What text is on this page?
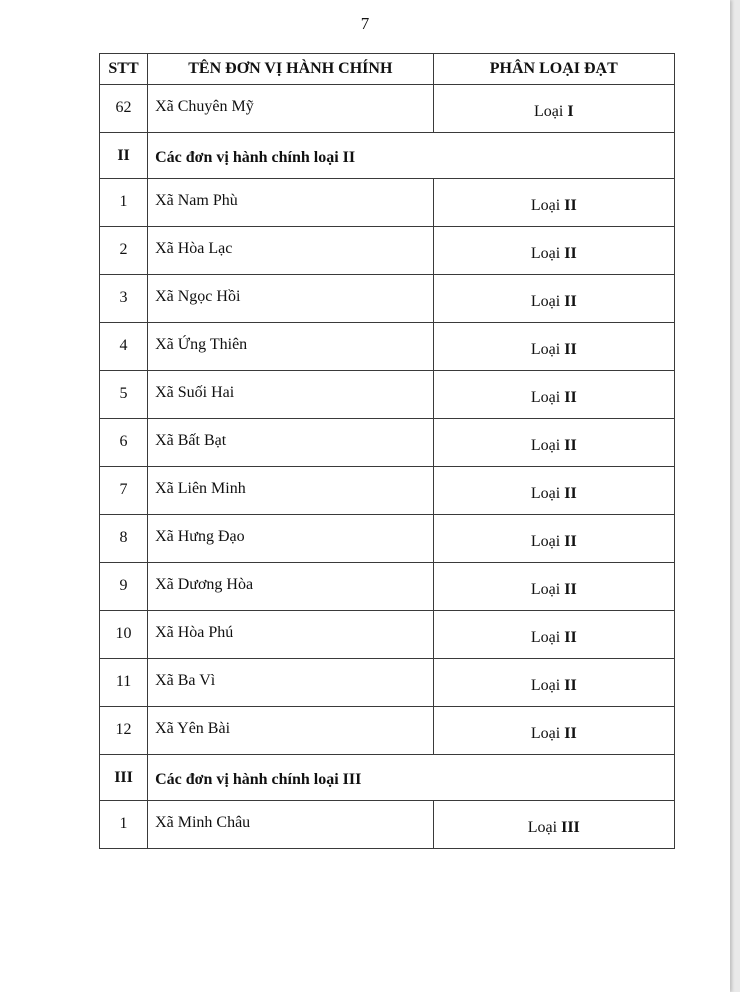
7
STT	TÊN ĐƠN VỊ HÀNH CHÍNH	PHÂN LOẠI ĐẠT
62	Xã Chuyên Mỹ	Loại I
II	Các đơn vị hành chính loại II	
1	Xã Nam Phù	Loại II
2	Xã Hòa Lạc	Loại II
3	Xã Ngọc Hồi	Loại II
4	Xã Ứng Thiên	Loại II
5	Xã Suối Hai	Loại II
6	Xã Bất Bạt	Loại II
7	Xã Liên Minh	Loại II
8	Xã Hưng Đạo	Loại II
9	Xã Dương Hòa	Loại II
10	Xã Hòa Phú	Loại II
11	Xã Ba Vì	Loại II
12	Xã Yên Bài	Loại II
III	Các đơn vị hành chính loại III	
1	Xã Minh Châu	Loại III
